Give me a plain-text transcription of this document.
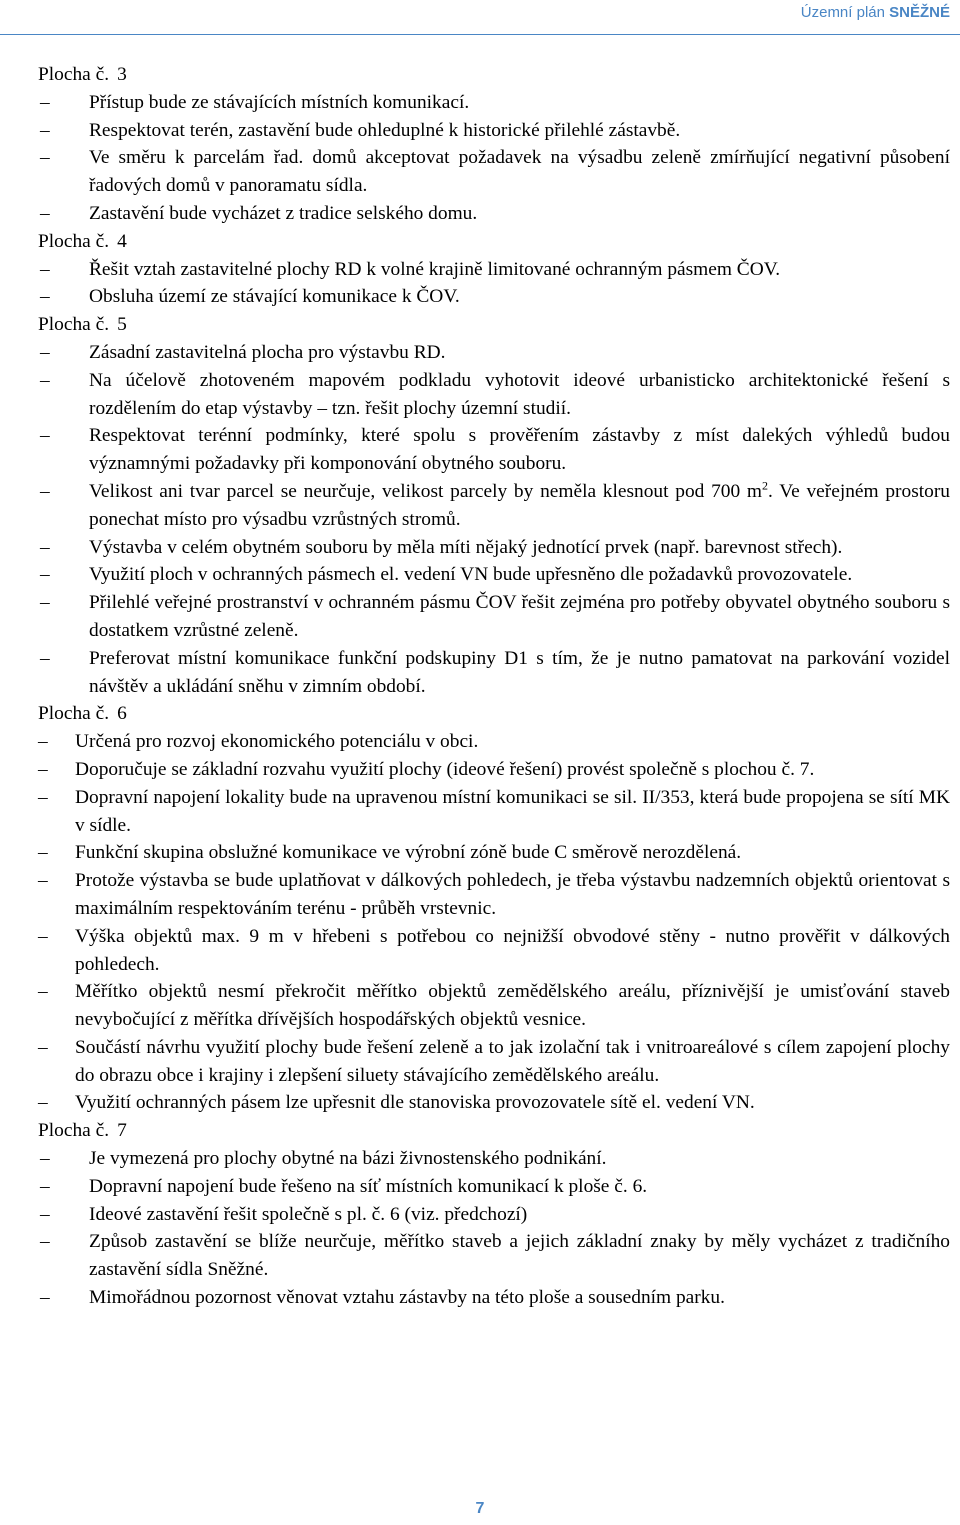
Územní plán SNĚŽNÉ

Plocha č. 3

– Přístup bude ze stávajících místních komunikací.
– Respektovat terén, zastavění bude ohleduplné k historické přilehlé zástavbě.
– Ve směru k parcelám řad. domů akceptovat požadavek na výsadbu zeleně zmírňující negativní působení řadových domů v panoramatu sídla.
– Zastavění bude vycházet z tradice selského domu.

Plocha č. 4

– Řešit vztah zastavitelné plochy RD k volné krajině limitované ochranným pásmem ČOV.
– Obsluha území ze stávající komunikace k ČOV.

Plocha č. 5

– Zásadní zastavitelná plocha pro výstavbu RD.
– Na účelově zhotoveném mapovém podkladu vyhotovit ideové urbanisticko architektonické řešení s rozdělením do etap výstavby – tzn. řešit plochy územní studií.
– Respektovat terénní podmínky, které spolu s prověřením zástavby z míst dalekých výhledů budou významnými požadavky při komponování obytného souboru.
– Velikost ani tvar parcel se neurčuje, velikost parcely by neměla klesnout pod 700 $m^2$. Ve veřejném prostoru ponechat místo pro výsadbu vzrůstných stromů.
– Výstavba v celém obytném souboru by měla míti nějaký jednotící prvek (např. barevnost střech).
– Využití ploch v ochranných pásmech el. vedení VN bude upřesněno dle požadavků provozovatele.
– Přilehlé veřejné prostranství v ochranném pásmu ČOV řešit zejména pro potřeby obyvatel obytného souboru s dostatkem vzrůstné zeleně.
– Preferovat místní komunikace funkční podskupiny D1 s tím, že je nutno pamatovat na parkování vozidel návštěv a ukládání sněhu v zimním období.

Plocha č. 6

– Určená pro rozvoj ekonomického potenciálu v obci.
– Doporučuje se základní rozvahu využití plochy (ideové řešení) provést společně s plochou č. 7.
– Dopravní napojení lokality bude na upravenou místní komunikaci se sil. II/353, která bude propojena se sítí MK v sídle.
– Funkční skupina obslužné komunikace ve výrobní zóně bude C směrově nerozdělená.
– Protože výstavba se bude uplatňovat v dálkových pohledech, je třeba výstavbu nadzemních objektů orientovat s maximálním respektováním terénu - průběh vrstevnic.
– Výška objektů max. 9 m v hřebeni s potřebou co nejnižší obvodové stěny - nutno prověřit v dálkových pohledech.
– Měřítko objektů nesmí překročit měřítko objektů zemědělského areálu, příznivější je umisťování staveb nevybočující z měřítka dřívějších hospodářských objektů vesnice.
– Součástí návrhu využití plochy bude řešení zeleně a to jak izolační tak i vnitroareálové s cílem zapojení plochy do obrazu obce i krajiny i zlepšení siluety stávajícího zemědělského areálu.
– Využití ochranných pásem lze upřesnit dle stanoviska provozovatele sítě el. vedení VN.

Plocha č. 7

– Je vymezená pro plochy obytné na bázi živnostenského podnikání.
– Dopravní napojení bude řešeno na síť místních komunikací k ploše č. 6.
– Ideové zastavění řešit společně s pl. č. 6 (viz. předchozí)
– Způsob zastavění se blíže neurčuje, měřítko staveb a jejich základní znaky by měly vycházet z tradičního zastavění sídla Sněžné.
– Mimořádnou pozornost věnovat vztahu zástavby na této ploše a sousedním parku.
7
